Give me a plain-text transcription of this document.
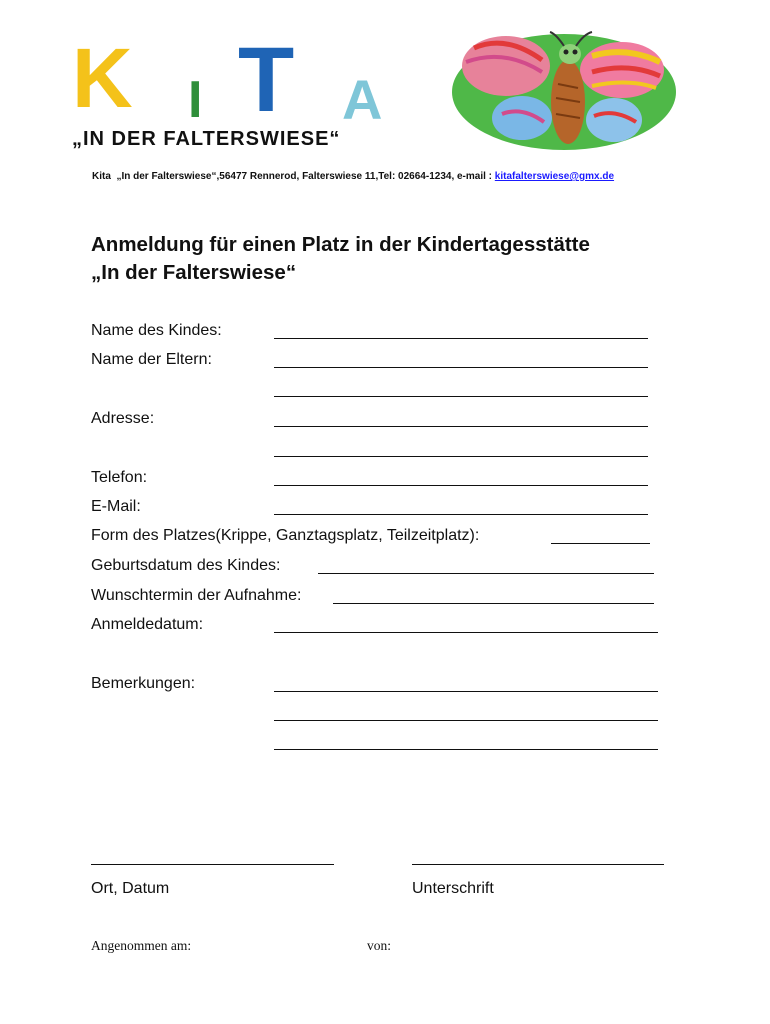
K I T A
„IN DER FALTERSWIESE“
Kita  „In der Falterswiese“,56477 Rennerod, Falterswiese 11,Tel: 02664-1234, e-mail : kitafalterswiese@gmx.de
Anmeldung für einen Platz in der Kindertagesstätte
„In der Falterswiese“
Name des Kindes:
Name der Eltern:
Adresse:
Telefon:
E-Mail:
Form des Platzes(Krippe, Ganztagsplatz, Teilzeitplatz):
Geburtsdatum des Kindes:
Wunschtermin der Aufnahme:
Anmeldedatum:
Bemerkungen:
Ort, Datum	Unterschrift
Angenommen am:	von:
